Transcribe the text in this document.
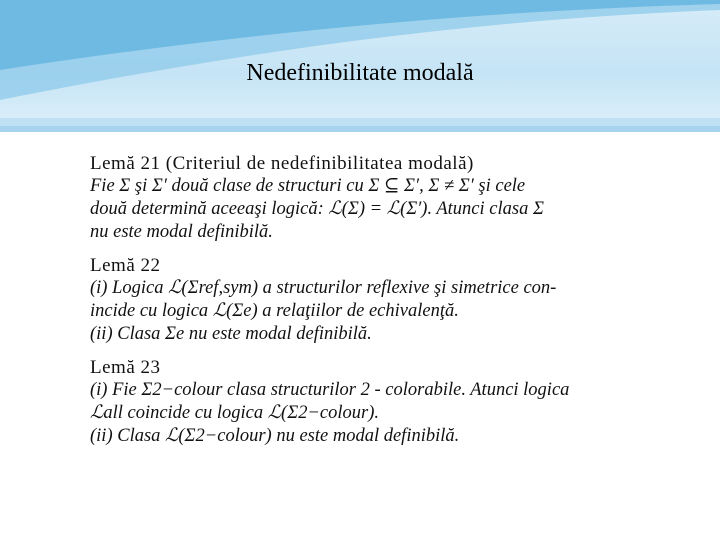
Nedefinibilitate modală
Lemă 21 (Criteriul de nedefinibilitatea modală)
Fie Σ şi Σ′ două clase de structuri cu Σ ⊆ Σ′, Σ ≠ Σ′ şi cele
două determină aceeaşi logică: ℒ(Σ) = ℒ(Σ′). Atunci clasa Σ
nu este modal definibilă.
Lemă 22
(i) Logica ℒ(Σref,sym) a structurilor reflexive şi simetrice con-
incide cu logica ℒ(Σe) a relaţiilor de echivalenţă.
(ii) Clasa Σe nu este modal definibilă.
Lemă 23
(i) Fie Σ2−colour clasa structurilor 2 - colorabile. Atunci logica
ℒall coincide cu logica ℒ(Σ2−colour).
(ii) Clasa ℒ(Σ2−colour) nu este modal definibilă.
